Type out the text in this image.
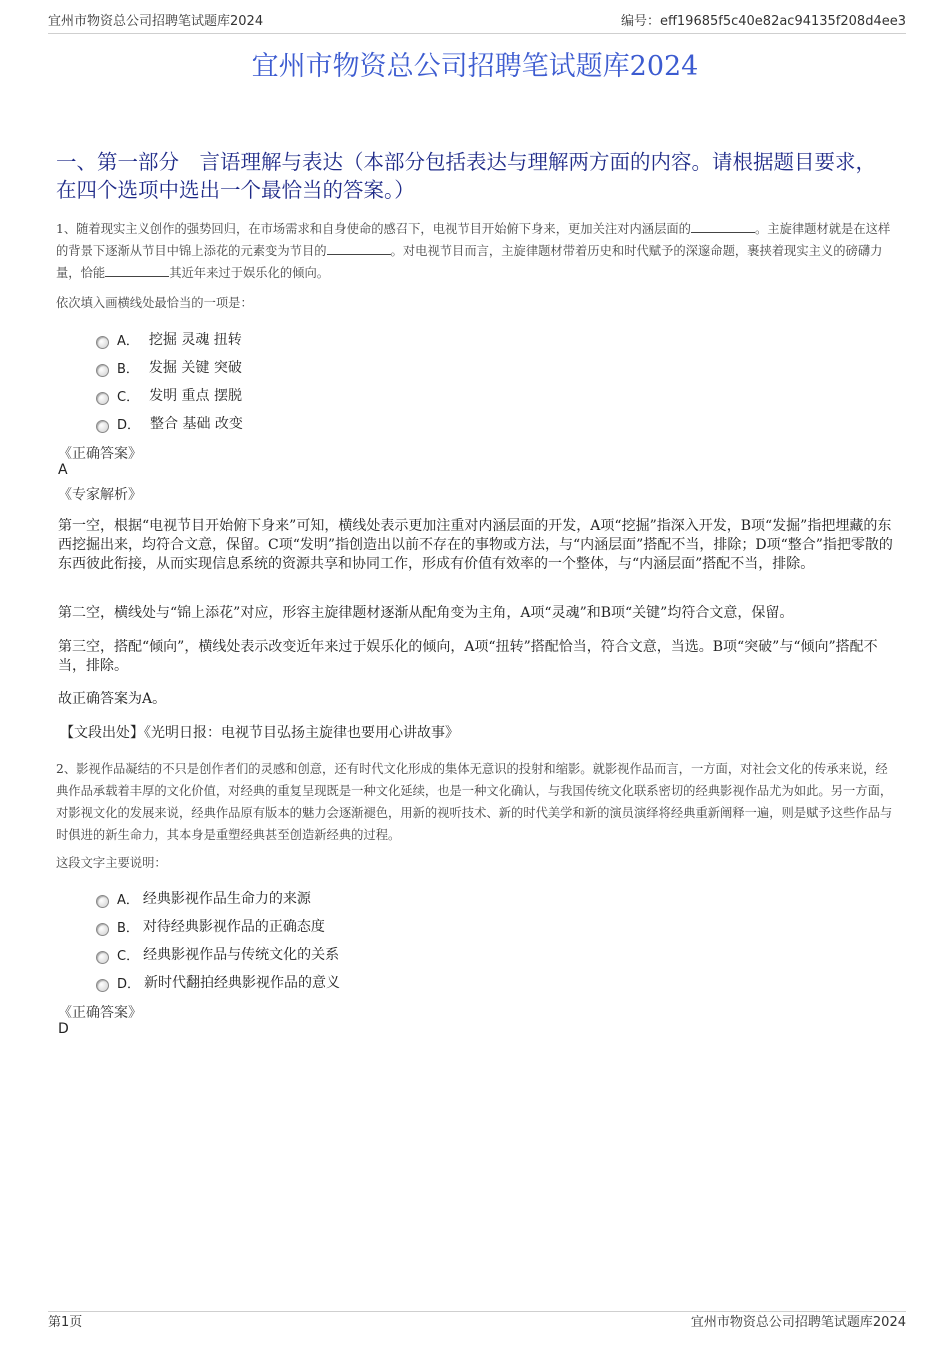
宜州市物资总公司招聘笔试题库2024	编号：eff19685f5c40e82ac94135f208d4ee3
宜州市物资总公司招聘笔试题库2024
一、第一部分　言语理解与表达（本部分包括表达与理解两方面的内容。请根据题目要求，在四个选项中选出一个最恰当的答案。）
1、随着现实主义创作的强势回归，在市场需求和自身使命的感召下，电视节目开始俯下身来，更加关注对内涵层面的	。主旋律题材就是在这样的背景下逐渐从节目中锦上添花的元素变为节目的	。对电视节目而言，主旋律题材带着历史和时代赋予的深邃命题，裹挟着现实主义的磅礴力量，恰能	其近年来过于娱乐化的倾向。
依次填入画横线处最恰当的一项是：
A． 挖掘 灵魂 扭转
B． 发掘 关键 突破
C． 发明 重点 摆脱
D． 整合 基础 改变
《正确答案》
A
《专家解析》
第一空，根据“电视节目开始俯下身来”可知，横线处表示更加注重对内涵层面的开发，A项“挖掘”指深入开发，B项“发掘”指把埋藏的东西挖掘出来，均符合文意，保留。C项“发明”指创造出以前不存在的事物或方法，与“内涵层面”搭配不当，排除；D项“整合”指把零散的东西彼此衔接，从而实现信息系统的资源共享和协同工作，形成有价值有效率的一个整体，与“内涵层面”搭配不当，排除。
第二空，横线处与“锦上添花”对应，形容主旋律题材逐渐从配角变为主角，A项“灵魂”和B项“关键”均符合文意，保留。
第三空，搭配“倾向”，横线处表示改变近年来过于娱乐化的倾向，A项“扭转”搭配恰当，符合文意，当选。B项“突破”与“倾向”搭配不当，排除。
故正确答案为A。
【文段出处】《光明日报：电视节目弘扬主旋律也要用心讲故事》
2、影视作品凝结的不只是创作者们的灵感和创意，还有时代文化形成的集体无意识的投射和缩影。就影视作品而言，一方面，对社会文化的传承来说，经典作品承载着丰厚的文化价值，对经典的重复呈现既是一种文化延续，也是一种文化确认，与我国传统文化联系密切的经典影视作品尤为如此。另一方面，对影视文化的发展来说，经典作品原有版本的魅力会逐渐褪色，用新的视听技术、新的时代美学和新的演员演绎将经典重新阐释一遍，则是赋予这些作品与时俱进的新生命力，其本身是重塑经典甚至创造新经典的过程。
这段文字主要说明：
A． 经典影视作品生命力的来源
B． 对待经典影视作品的正确态度
C． 经典影视作品与传统文化的关系
D． 新时代翻拍经典影视作品的意义
《正确答案》
D
第1页	宜州市物资总公司招聘笔试题库2024
